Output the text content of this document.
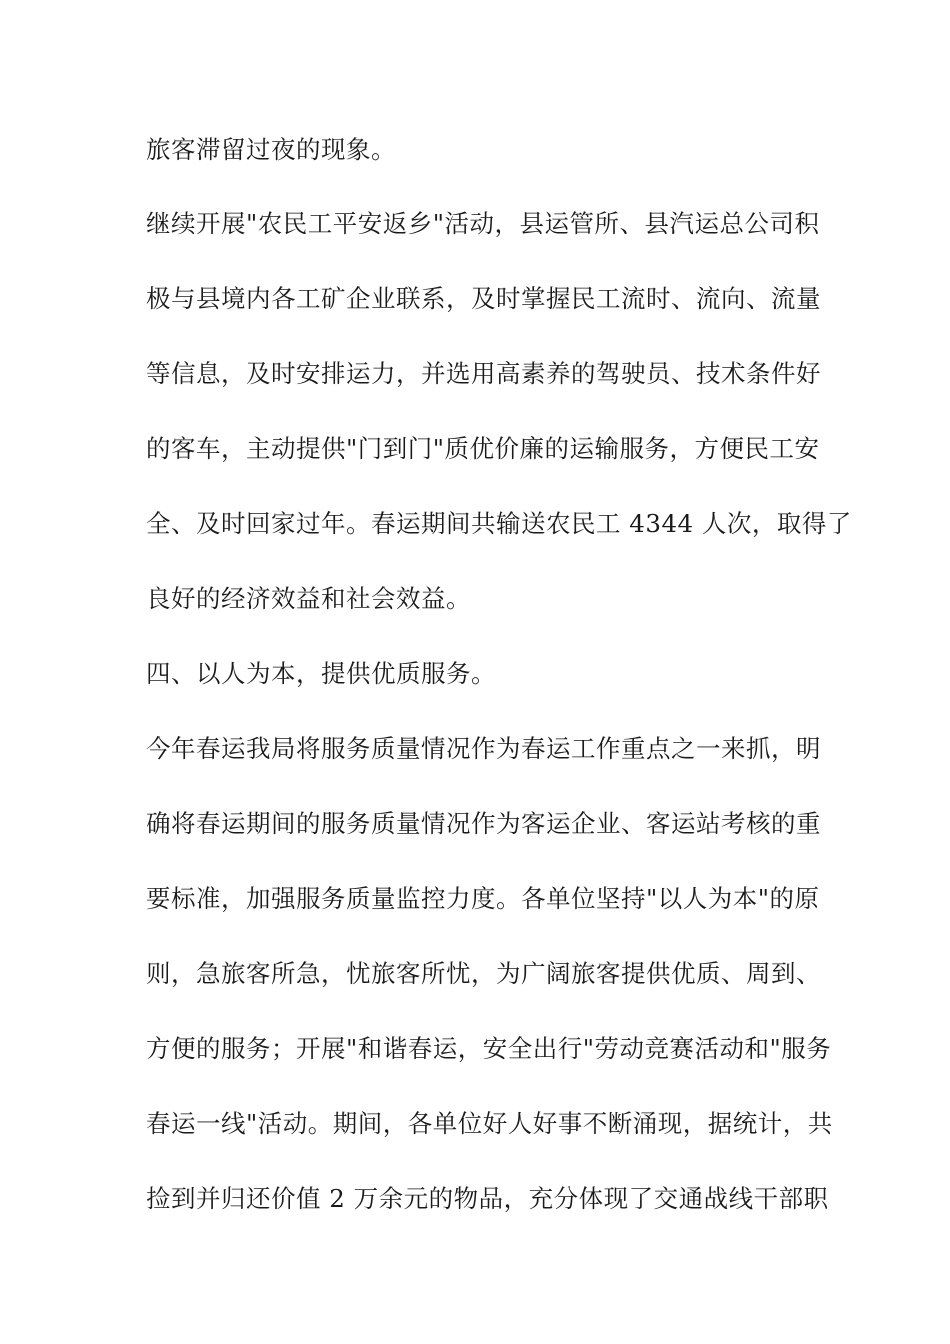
旅客滞留过夜的现象。
继续开展"农民工平安返乡"活动，县运管所、县汽运总公司积
极与县境内各工矿企业联系，及时掌握民工流时、流向、流量
等信息，及时安排运力，并选用高素养的驾驶员、技术条件好
的客车，主动提供"门到门"质优价廉的运输服务，方便民工安
全、及时回家过年。春运期间共输送农民工 4344 人次，取得了
良好的经济效益和社会效益。
四、以人为本，提供优质服务。
今年春运我局将服务质量情况作为春运工作重点之一来抓，明
确将春运期间的服务质量情况作为客运企业、客运站考核的重
要标准，加强服务质量监控力度。各单位坚持"以人为本"的原
则，急旅客所急，忧旅客所忧，为广阔旅客提供优质、周到、
方便的服务；开展"和谐春运，安全出行"劳动竞赛活动和"服务
春运一线"活动。期间，各单位好人好事不断涌现，据统计，共
捡到并归还价值 2 万余元的物品，充分体现了交通战线干部职
